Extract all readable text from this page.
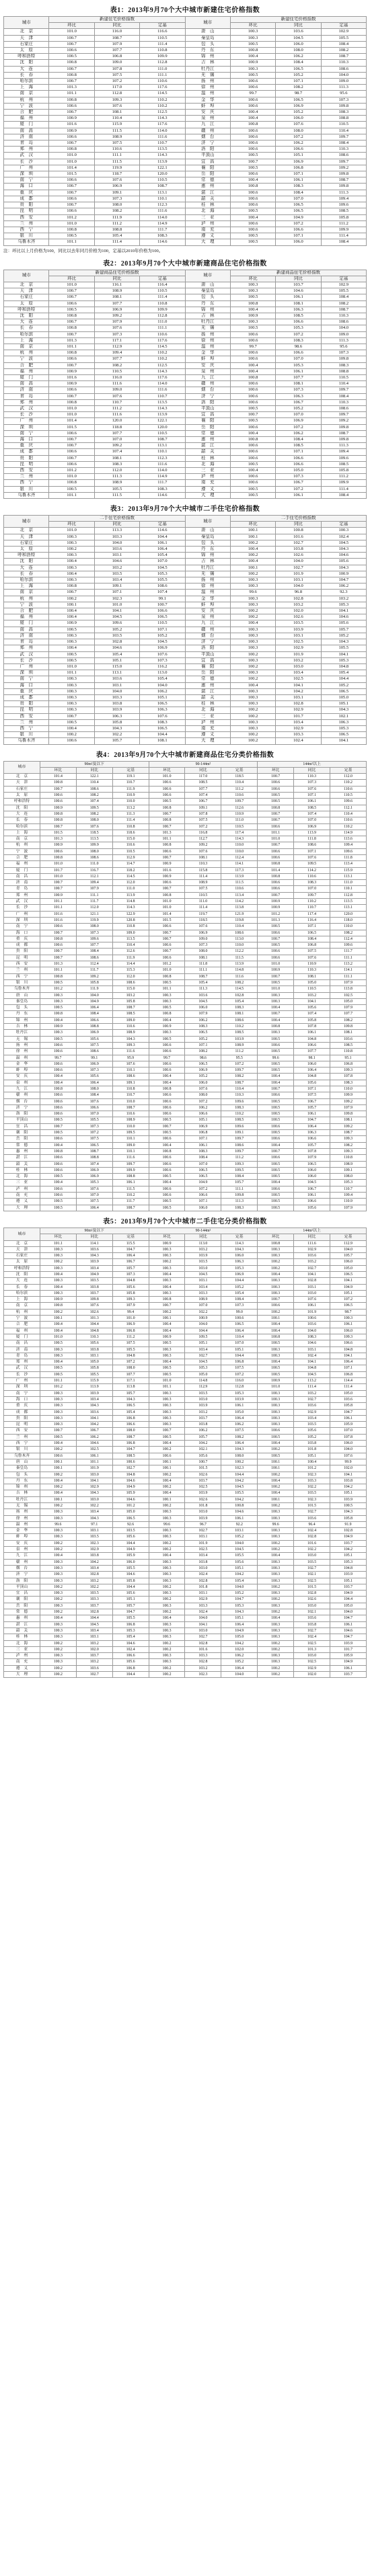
表1：2013年9月70个大中城市新建住宅价格指数
城市	新建住宅价格指数			城市	新建住宅价格指数		
	环比	同比	定基		环比	同比	定基
北　京	101.0	116.0	116.6	唐　山	100.3	103.6	102.9
天　津	100.7	108.7	110.5	秦皇岛	100.3	104.5	105.5
石家庄	100.7	107.9	111.4	包　头	100.5	106.0	108.4
太　原	100.6	107.7	110.8	丹　东	100.8	108.0	108.2
呼和浩特	100.5	106.8	109.9	锦　州	100.4	106.2	108.7
沈　阳	100.8	109.0	112.8	吉　林	100.9	108.4	110.3
大　连	100.7	107.8	111.0	牡丹江	100.3	106.5	108.6
长　春	100.8	107.5	111.1	无　锡	100.5	105.2	104.0
哈尔滨	100.7	107.2	110.6	扬　州	100.6	107.1	109.0
上　海	101.3	117.0	117.6	徐　州	100.6	108.2	111.3
南　京	101.1	112.8	114.5	温　州	99.7	98.7	95.6
杭　州	100.8	109.3	110.2	金　华	100.6	106.5	107.3
宁　波	100.6	107.6	110.2	蚌　埠	100.6	106.9	109.8
合　肥	100.7	108.1	112.5	安　庆	100.4	105.2	108.3
福　州	100.9	110.4	114.3	泉　州	100.4	106.0	108.8
厦　门	101.6	115.9	117.6	九　江	100.8	107.6	110.5
南　昌	100.9	111.5	114.0	赣　州	100.6	108.0	110.4
济　南	100.6	108.9	111.6	烟　台	100.6	107.2	109.7
青　岛	100.7	107.5	110.7	济　宁	100.6	106.2	108.4
郑　州	100.8	110.6	113.5	洛　阳	100.6	106.6	110.3
武　汉	101.0	111.1	114.3	平顶山	100.5	105.1	108.6
长　沙	101.0	111.5	113.9	宜　昌	100.7	106.9	109.7
广　州	101.4	119.9	122.1	襄　阳	100.5	106.8	109.2
深　圳	101.5	118.7	120.0	岳　阳	100.6	107.1	109.8
南　宁	100.6	107.6	110.5	常　德	100.4	106.1	108.7
海　口	100.7	106.9	108.7	惠　州	100.8	108.3	109.8
重　庆	100.7	109.1	113.1	湛　江	100.6	108.4	111.3
成　都	100.6	107.3	110.1	韶　关	100.6	107.0	109.4
贵　阳	100.7	108.0	112.3	桂　林	100.6	106.5	109.6
昆　明	100.6	108.2	111.6	北　海	100.5	106.5	108.5
西　安	101.2	111.9	114.0	三　亚	100.4	104.9	105.8
兰　州	101.0	111.2	114.9	泸　州	100.6	107.2	111.2
西　宁	100.8	108.8	111.7	南　充	100.6	106.6	109.9
银　川	100.5	105.4	108.3	遵　义	100.5	107.1	111.4
乌鲁木齐	101.1	111.4	114.6	大　理	100.5	106.0	108.4
注：环比以上月价格为100，同比以去年同月价格为100，定基以2010年价格为100。
表2：2013年9月70个大中城市新建商品住宅价格指数
城市	新建商品住宅价格指数			城市	新建商品住宅价格指数		
	环比	同比	定基		环比	同比	定基
北　京	101.0	116.1	116.4	唐　山	100.3	103.7	102.9
天　津	100.7	108.9	110.5	秦皇岛	100.3	104.6	105.5
石家庄	100.7	108.1	111.4	包　头	100.5	106.1	108.4
太　原	100.6	107.7	110.8	丹　东	100.8	108.1	108.2
呼和浩特	100.5	106.9	109.9	锦　州	100.4	106.3	108.7
沈　阳	100.8	109.2	112.8	吉　林	100.9	108.5	110.3
大　连	100.7	107.9	111.0	牡丹江	100.3	106.6	108.6
长　春	100.8	107.6	111.1	无　锡	100.5	105.3	104.0
哈尔滨	100.7	107.3	110.6	扬　州	100.6	107.2	109.0
上　海	101.3	117.1	117.6	徐　州	100.6	108.3	111.3
南　京	101.1	112.9	114.5	温　州	99.7	98.6	95.6
杭　州	100.8	109.4	110.2	金　华	100.6	106.6	107.3
宁　波	100.6	107.7	110.2	蚌　埠	100.6	107.0	109.8
合　肥	100.7	108.2	112.5	安　庆	100.4	105.3	108.3
福　州	100.9	110.5	114.3	泉　州	100.4	106.1	108.8
厦　门	101.6	116.0	117.6	九　江	100.8	107.7	110.5
南　昌	100.9	111.6	114.0	赣　州	100.6	108.1	110.4
济　南	100.6	109.0	111.6	烟　台	100.6	107.3	109.7
青　岛	100.7	107.6	110.7	济　宁	100.6	106.3	108.4
郑　州	100.8	110.7	113.5	洛　阳	100.6	106.7	110.3
武　汉	101.0	111.2	114.3	平顶山	100.5	105.2	108.6
长　沙	101.0	111.6	113.9	宜　昌	100.7	107.0	109.7
广　州	101.4	120.0	122.1	襄　阳	100.5	106.9	109.2
深　圳	101.5	118.8	120.0	岳　阳	100.6	107.2	109.8
南　宁	100.6	107.7	110.5	常　德	100.4	106.2	108.7
海　口	100.7	107.0	108.7	惠　州	100.8	108.4	109.8
重　庆	100.7	109.2	113.1	湛　江	100.6	108.5	111.3
成　都	100.6	107.4	110.1	韶　关	100.6	107.1	109.4
贵　阳	100.7	108.1	112.3	桂　林	100.6	106.6	109.6
昆　明	100.6	108.3	111.6	北　海	100.5	106.6	108.5
西　安	101.2	112.0	114.0	三　亚	100.4	105.0	105.8
兰　州	101.0	111.3	114.9	泸　州	100.6	107.3	111.2
西　宁	100.8	108.9	111.7	南　充	100.6	106.7	109.9
银　川	100.5	105.5	108.3	遵　义	100.5	107.2	111.4
乌鲁木齐	101.1	111.5	114.6	大　理	100.5	106.1	108.4
表3：2013年9月70个大中城市二手住宅价格指数
城市	二手住宅价格指数			城市	二手住宅价格指数		
	环比	同比	定基		环比	同比	定基
北　京	101.0	113.3	114.6	唐　山	100.1	100.8	100.3
天　津	100.3	103.3	104.4	秦皇岛	100.1	101.6	102.4
石家庄	100.3	104.0	106.1	包　头	100.2	102.7	104.5
太　原	100.2	103.6	106.4	丹　东	100.4	103.8	104.3
呼和浩特	100.3	103.1	105.4	锦　州	100.2	102.6	104.6
沈　阳	100.4	104.6	107.0	吉　林	100.4	104.0	105.6
大　连	100.3	103.2	104.5	牡丹江	100.1	102.7	104.3
长　春	100.4	103.5	105.3	无　锡	100.2	101.9	100.9
哈尔滨	100.3	103.4	105.5	扬　州	100.3	103.1	104.7
上　海	100.8	109.1	108.6	徐　州	100.3	104.0	106.2
南　京	100.7	107.1	107.4	温　州	99.6	96.8	92.3
杭　州	100.2	102.3	99.1	金　华	100.3	102.8	103.2
宁　波	100.1	101.0	100.7	蚌　埠	100.3	103.2	105.3
合　肥	100.4	104.1	106.6	安　庆	100.2	102.0	104.1
福　州	100.4	104.5	106.5	泉　州	100.2	102.6	104.6
厦　门	100.9	109.6	110.5	九　江	100.4	103.5	105.6
南　昌	100.5	105.2	107.1	赣　州	100.3	103.9	105.7
济　南	100.3	103.5	105.2	烟　台	100.3	103.1	105.2
青　岛	100.3	102.8	104.5	济　宁	100.3	102.5	104.3
郑　州	100.4	104.6	106.9	洛　阳	100.3	102.9	105.5
武　汉	100.5	105.4	107.6	平顶山	100.2	101.9	104.1
长　沙	100.5	105.1	107.3	宜　昌	100.3	103.2	105.3
广　州	101.0	115.0	116.2	襄　阳	100.2	103.0	104.8
深　圳	101.1	113.1	113.0	岳　阳	100.3	103.4	105.4
南　宁	100.3	103.6	105.4	常　德	100.2	102.5	104.4
海　口	100.3	103.1	104.0	惠　州	100.4	104.1	105.2
重　庆	100.3	104.0	106.2	湛　江	100.3	104.2	106.5
成　都	100.3	103.3	105.1	韶　关	100.3	103.1	105.0
贵　阳	100.3	103.8	106.5	桂　林	100.3	102.8	105.1
昆　明	100.3	103.9	106.3	北　海	100.2	102.9	104.3
西　安	100.7	106.3	107.6	三　亚	100.2	101.7	102.1
兰　州	100.5	105.8	108.3	泸　州	100.3	103.4	106.3
西　宁	100.4	104.3	106.5	南　充	100.3	102.9	105.3
银　川	100.2	102.2	104.4	遵　义	100.2	103.3	106.5
乌鲁木齐	100.6	105.7	108.1	大　理	100.2	102.4	104.1
表4：2013年9月70个大中城市新建商品住宅分类价格指数
城市	90m²及以下			90-144m²			144m²以上		
	环比	同比	定基	环比	同比	定基	环比	同比	定基
北　京	101.4	122.1	119.1	101.0	117.0	118.5	100.7	110.3	112.0
天　津	100.8	110.4	110.7	100.6	108.5	110.4	100.6	107.3	110.2
石家庄	100.7	108.6	111.9	100.6	107.7	111.2	100.6	107.6	110.6
太　原	100.6	108.2	110.9	100.6	107.4	110.6	100.5	107.1	110.5
呼和浩特	100.6	107.4	110.0	100.5	106.7	109.7	100.5	106.1	109.6
沈　阳	100.9	109.5	113.2	100.8	109.1	112.6	100.8	108.5	112.1
大　连	100.8	108.2	111.3	100.7	107.8	110.9	100.7	107.4	110.4
长　春	100.8	108.0	111.4	100.8	107.5	111.0	100.7	107.0	110.6
哈尔滨	100.7	107.6	110.8	100.7	107.2	110.5	100.6	106.9	110.2
上　海	101.5	118.5	118.6	101.3	116.8	117.4	101.1	113.9	114.9
南　京	101.3	113.5	115.0	101.1	112.7	114.3	101.0	111.8	113.6
杭　州	100.9	109.9	110.6	100.8	109.2	110.0	100.7	108.6	109.4
宁　波	100.6	108.0	110.5	100.6	107.6	110.0	100.6	107.1	109.6
合　肥	100.8	108.6	112.9	100.7	108.1	112.4	100.6	107.6	111.8
福　州	101.0	111.0	114.7	100.9	110.3	114.1	100.8	109.5	113.4
厦　门	101.7	116.7	118.2	101.6	115.8	117.3	101.4	114.2	115.9
南　昌	101.0	112.1	114.5	100.9	111.4	113.9	100.8	110.6	113.1
济　南	100.7	109.4	112.0	100.6	108.9	111.5	100.6	108.3	111.0
青　岛	100.7	107.9	111.0	100.7	107.5	110.6	100.6	107.0	110.1
郑　州	100.9	111.1	113.9	100.8	110.5	113.4	100.7	109.7	112.8
武　汉	101.1	111.7	114.8	101.0	111.0	114.2	100.9	110.2	113.5
长　沙	101.1	112.0	114.3	101.0	111.4	113.8	100.9	110.7	113.1
广　州	101.6	121.1	122.9	101.4	119.7	121.9	101.2	117.4	120.0
深　圳	101.6	119.9	120.8	101.5	118.5	119.8	101.3	116.4	118.0
南　宁	100.6	108.0	110.8	100.6	107.6	110.4	100.5	107.1	110.0
海　口	100.7	107.3	109.0	100.7	106.9	108.6	100.6	106.5	108.2
重　庆	100.8	109.6	113.5	100.7	109.0	113.0	100.7	108.4	112.4
成　都	100.6	107.7	110.4	100.6	107.3	110.0	100.5	106.8	109.6
贵　阳	100.7	108.4	112.6	100.7	108.0	112.2	100.6	107.5	111.7
昆　明	100.7	108.6	111.9	100.6	108.1	111.5	100.6	107.6	111.1
西　安	101.3	112.4	114.4	101.2	111.8	113.9	101.0	110.9	113.2
兰　州	101.1	111.7	115.3	101.0	111.1	114.8	100.9	110.3	114.1
西　宁	100.8	109.2	112.0	100.8	108.7	111.6	100.7	108.1	111.1
银　川	100.5	105.8	108.6	100.5	105.4	108.2	100.5	105.0	107.9
乌鲁木齐	101.2	111.9	115.0	101.1	111.3	114.5	101.0	110.5	113.8
唐　山	100.3	104.0	103.2	100.3	103.6	102.8	100.3	103.2	102.5
秦皇岛	100.3	104.9	105.8	100.3	104.5	105.4	100.3	104.1	105.0
包　头	100.5	106.4	108.7	100.5	106.0	108.3	100.4	105.6	107.9
丹　东	100.8	108.4	108.5	100.8	107.9	108.1	100.7	107.4	107.7
锦　州	100.4	106.6	109.0	100.4	106.2	108.6	100.4	105.8	108.2
吉　林	100.9	108.8	110.6	100.9	108.3	110.2	100.8	107.8	109.8
牡丹江	100.3	106.9	108.9	100.3	106.5	108.5	100.3	106.1	108.1
无　锡	100.5	105.6	104.3	100.5	105.2	103.9	100.5	104.8	103.6
扬　州	100.6	107.5	109.3	100.6	107.1	108.9	100.6	106.6	108.5
徐　州	100.6	108.6	111.6	100.6	108.2	111.2	100.5	107.7	110.8
温　州	99.7	99.1	95.9	99.7	98.6	95.5	99.6	98.1	95.1
金　华	100.6	106.9	107.6	100.6	106.5	107.2	100.5	106.0	106.8
蚌　埠	100.6	107.3	110.1	100.6	106.9	109.7	100.5	106.4	109.3
安　庆	100.4	105.6	108.6	100.4	105.2	108.2	100.4	104.8	107.8
泉　州	100.4	106.4	109.1	100.4	106.0	108.7	100.4	105.6	108.3
九　江	100.8	108.0	110.8	100.8	107.6	110.4	100.7	107.1	110.0
赣　州	100.6	108.4	110.7	100.6	108.0	110.3	100.6	107.5	109.9
烟　台	100.6	107.6	110.0	100.6	107.2	109.6	100.5	106.7	109.2
济　宁	100.6	106.6	108.7	100.6	106.2	108.3	100.5	105.7	107.9
洛　阳	100.6	107.0	110.6	100.6	106.6	110.2	100.5	106.1	109.8
平顶山	100.5	105.5	108.9	100.5	105.1	108.5	100.5	104.7	108.1
宜　昌	100.7	107.3	110.0	100.7	106.9	109.6	100.6	106.4	109.2
襄　阳	100.5	107.2	109.5	100.5	106.8	109.1	100.5	106.3	108.7
岳　阳	100.6	107.5	110.1	100.6	107.1	109.7	100.6	106.6	109.3
常　德	100.4	106.5	109.0	100.4	106.1	108.6	100.4	105.7	108.2
惠　州	100.8	108.7	110.1	100.8	108.3	109.7	100.7	107.8	109.3
湛　江	100.6	108.8	111.6	100.6	108.4	111.2	100.6	107.9	110.8
韶　关	100.6	107.4	109.7	100.6	107.0	109.3	100.5	106.5	108.9
桂　林	100.6	106.9	109.9	100.6	106.5	109.5	100.5	106.0	109.1
北　海	100.5	106.9	108.8	100.5	106.5	108.4	100.5	106.0	108.0
三　亚	100.4	105.3	106.1	100.4	104.9	105.7	100.4	104.5	105.3
泸　州	100.6	107.6	111.5	100.6	107.2	111.1	100.6	106.7	110.7
南　充	100.6	107.0	110.2	100.6	106.6	109.8	100.5	106.1	109.4
遵　义	100.5	107.5	111.7	100.5	107.1	111.3	100.5	106.6	110.9
大　理	100.5	106.4	108.7	100.5	106.0	108.3	100.5	105.6	107.9
表5：2013年9月70个大中城市二手住宅分类价格指数
城市	90m²及以下			90-144m²			144m²以上		
	环比	同比	定基	环比	同比	定基	环比	同比	定基
北　京	101.1	114.1	115.5	100.9	113.0	114.3	100.8	111.6	112.9
天　津	100.3	103.6	104.7	100.3	103.2	104.3	100.3	102.9	104.0
石家庄	100.3	104.3	106.4	100.3	103.9	106.0	100.3	103.6	105.7
太　原	100.2	103.9	106.7	100.2	103.5	106.3	100.2	103.2	106.0
呼和浩特	100.3	103.4	105.7	100.3	103.0	105.3	100.2	102.7	105.0
沈　阳	100.4	104.9	107.3	100.4	104.5	106.9	100.4	104.1	106.5
大　连	100.3	103.5	104.8	100.3	103.1	104.4	100.3	102.8	104.1
长　春	100.4	103.8	105.6	100.4	103.4	105.2	100.3	103.1	104.9
哈尔滨	100.3	103.7	105.8	100.3	103.3	105.4	100.3	103.0	105.1
上　海	100.9	109.8	109.3	100.8	108.9	108.4	100.7	107.6	107.2
南　京	100.8	107.6	107.9	100.7	107.0	107.3	100.6	106.1	106.5
杭　州	100.2	102.6	99.4	100.2	102.2	99.0	100.2	101.9	98.7
宁　波	100.1	101.3	101.0	100.1	100.9	100.6	100.1	100.6	100.3
合　肥	100.4	104.4	106.9	100.4	104.0	106.5	100.4	103.6	106.1
福　州	100.4	104.8	106.8	100.4	104.4	106.4	100.4	104.0	106.0
厦　门	101.0	110.3	111.2	100.9	109.5	110.4	100.8	108.3	109.3
南　昌	100.5	105.6	107.5	100.5	105.1	107.0	100.5	104.6	106.6
济　南	100.3	103.8	105.5	100.3	103.4	105.1	100.3	103.1	104.8
青　岛	100.3	103.1	104.8	100.3	102.7	104.4	100.3	102.4	104.1
郑　州	100.4	105.0	107.2	100.4	104.5	106.8	100.4	104.1	106.4
武　汉	100.5	105.8	108.0	100.5	105.3	107.5	100.5	104.8	107.1
长　沙	100.5	105.5	107.7	100.5	105.0	107.2	100.5	104.5	106.8
广　州	101.1	115.9	117.1	101.0	114.8	116.0	100.9	113.2	114.4
深　圳	101.2	113.9	113.8	101.1	112.9	112.8	101.0	111.4	111.4
南　宁	100.3	103.9	105.7	100.3	103.5	105.3	100.3	103.2	105.0
海　口	100.3	103.4	104.3	100.3	103.0	103.9	100.3	102.7	103.6
重　庆	100.3	104.3	106.5	100.3	103.9	106.1	100.3	103.6	105.8
成　都	100.3	103.6	105.4	100.3	103.2	105.0	100.3	102.9	104.7
贵　阳	100.3	104.1	106.8	100.3	103.7	106.4	100.3	103.4	106.1
昆　明	100.3	104.2	106.6	100.3	103.8	106.2	100.3	103.5	105.9
西　安	100.7	106.7	108.0	100.7	106.2	107.5	100.6	105.6	107.0
兰　州	100.5	106.2	108.7	100.5	105.7	108.2	100.5	105.2	107.8
西　宁	100.4	104.6	106.8	100.4	104.2	106.4	100.4	103.8	106.0
银　川	100.2	102.5	104.7	100.2	102.1	104.3	100.2	101.8	104.0
乌鲁木齐	100.6	106.1	108.5	100.6	105.6	108.0	100.5	105.1	107.6
唐　山	100.1	101.1	100.6	100.1	100.7	100.2	100.1	100.4	99.9
秦皇岛	100.1	101.9	102.7	100.1	101.5	102.3	100.1	101.2	102.0
包　头	100.2	103.0	104.8	100.2	102.6	104.4	100.2	102.3	104.1
丹　东	100.4	104.1	104.6	100.4	103.7	104.2	100.4	103.3	103.8
锦　州	100.2	102.9	104.9	100.2	102.5	104.5	100.2	102.2	104.2
吉　林	100.4	104.3	105.9	100.4	103.9	105.5	100.4	103.5	105.1
牡丹江	100.1	103.0	104.6	100.1	102.6	104.2	100.1	102.3	103.9
无　锡	100.2	102.2	101.2	100.2	101.8	100.8	100.2	101.5	100.5
扬　州	100.3	103.4	105.0	100.3	103.0	104.6	100.3	102.7	104.3
徐　州	100.3	104.3	106.5	100.3	103.9	106.1	100.3	103.6	105.8
温　州	99.6	97.1	92.6	99.6	96.7	92.2	99.6	96.4	91.9
金　华	100.3	103.1	103.5	100.3	102.7	103.1	100.3	102.4	102.8
蚌　埠	100.3	103.5	105.6	100.3	103.1	105.2	100.3	102.8	104.9
安　庆	100.2	102.3	104.4	100.2	101.9	104.0	100.2	101.6	103.7
泉　州	100.2	102.9	104.9	100.2	102.5	104.5	100.2	102.2	104.2
九　江	100.4	103.8	105.9	100.4	103.4	105.5	100.4	103.0	105.1
赣　州	100.3	104.2	106.0	100.3	103.8	105.6	100.3	103.5	105.3
烟　台	100.3	103.4	105.5	100.3	103.0	105.1	100.3	102.7	104.8
济　宁	100.3	102.8	104.6	100.3	102.4	104.2	100.3	102.1	103.9
洛　阳	100.3	103.2	105.8	100.3	102.8	105.4	100.3	102.5	105.1
平顶山	100.2	102.2	104.4	100.2	101.8	104.0	100.2	101.5	103.7
宜　昌	100.3	103.5	105.6	100.3	103.1	105.2	100.3	102.8	104.9
襄　阳	100.2	103.3	105.1	100.2	102.9	104.7	100.2	102.6	104.4
岳　阳	100.3	103.7	105.7	100.3	103.3	105.3	100.3	103.0	105.0
常　德	100.2	102.8	104.7	100.2	102.4	104.3	100.2	102.1	104.0
惠　州	100.4	104.4	105.5	100.4	104.0	105.1	100.4	103.6	104.7
湛　江	100.3	104.5	106.8	100.3	104.1	106.4	100.3	103.8	106.1
韶　关	100.3	103.4	105.3	100.3	103.0	104.9	100.3	102.7	104.6
桂　林	100.3	103.1	105.4	100.3	102.7	105.0	100.3	102.4	104.7
北　海	100.2	103.2	104.6	100.2	102.8	104.2	100.2	102.5	103.9
三　亚	100.2	102.0	102.4	100.2	101.6	102.0	100.2	101.3	101.7
泸　州	100.3	103.7	106.6	100.3	103.3	106.2	100.3	103.0	105.9
南　充	100.3	103.2	105.6	100.3	102.8	105.2	100.3	102.5	104.9
遵　义	100.2	103.6	106.8	100.2	103.2	106.4	100.2	102.9	106.1
大　理	100.2	102.7	104.4	100.2	102.3	104.0	100.2	102.0	103.7
